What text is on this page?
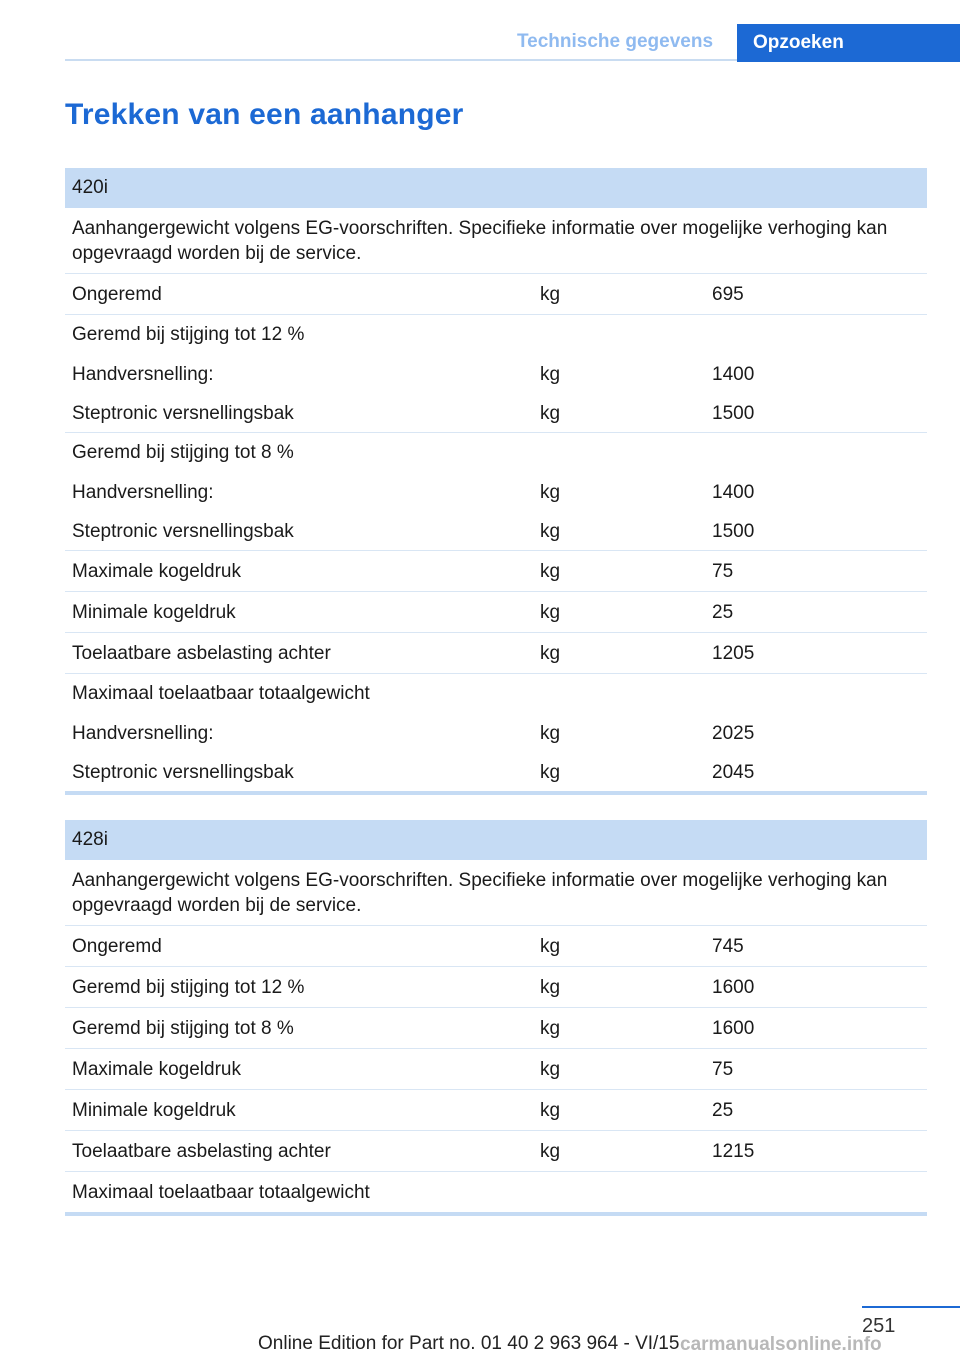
Technische gegevens	Opzoeken
Trekken van een aanhanger
420i
Aanhangergewicht volgens EG-voorschriften. Specifieke informatie over mogelijke verhoging kan opgevraagd worden bij de service.
Ongeremd	kg	695
Geremd bij stijging tot 12 %
Handversnelling:	kg	1400
Steptronic versnellingsbak	kg	1500
Geremd bij stijging tot 8 %
Handversnelling:	kg	1400
Steptronic versnellingsbak	kg	1500
Maximale kogeldruk	kg	75
Minimale kogeldruk	kg	25
Toelaatbare asbelasting achter	kg	1205
Maximaal toelaatbaar totaalgewicht
Handversnelling:	kg	2025
Steptronic versnellingsbak	kg	2045
428i
Aanhangergewicht volgens EG-voorschriften. Specifieke informatie over mogelijke verhoging kan opgevraagd worden bij de service.
Ongeremd	kg	745
Geremd bij stijging tot 12 %	kg	1600
Geremd bij stijging tot 8 %	kg	1600
Maximale kogeldruk	kg	75
Minimale kogeldruk	kg	25
Toelaatbare asbelasting achter	kg	1215
Maximaal toelaatbaar totaalgewicht
251
Online Edition for Part no. 01 40 2 963 964 - VI/15 carmanualsonline.info
